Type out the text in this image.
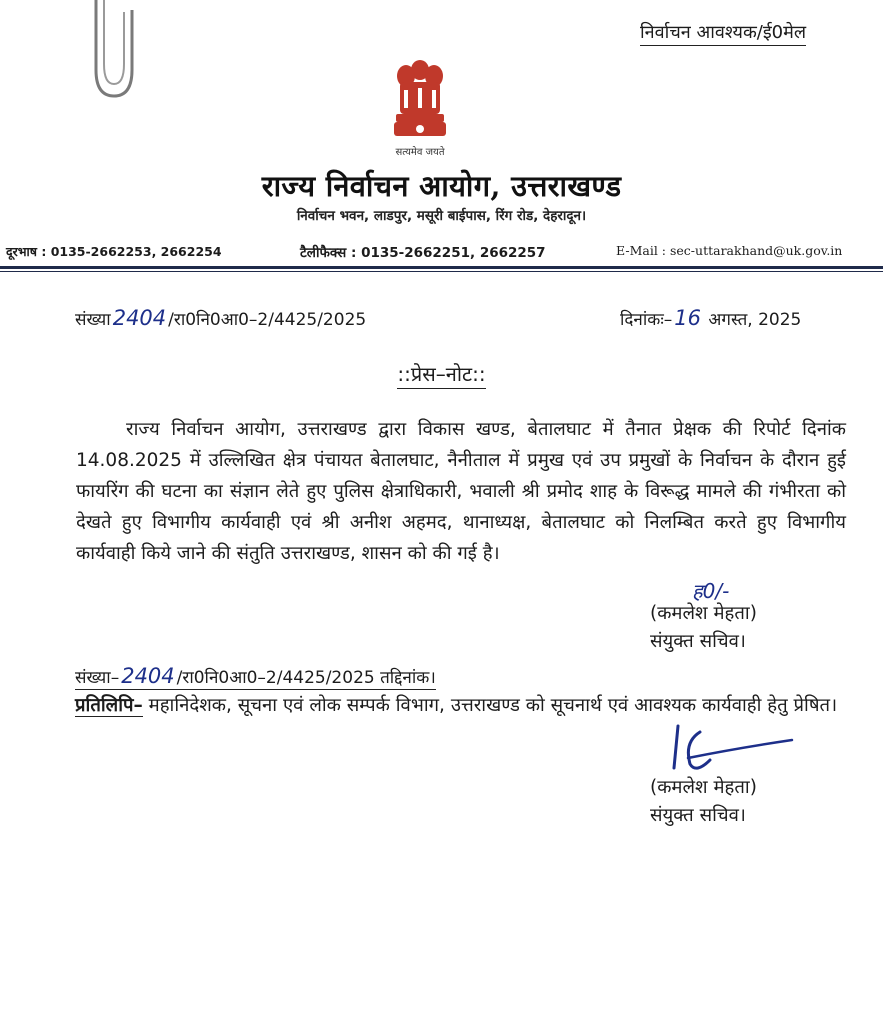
निर्वाचन आवश्यक/ई0मेल
सत्यमेव जयते
राज्य निर्वाचन आयोग, उत्तराखण्ड
निर्वाचन भवन, लाडपुर, मसूरी बाईपास, रिंग रोड, देहरादून।
दूरभाष : 0135-2662253, 2662254	टैलीफैक्स : 0135-2662251, 2662257	E-Mail : sec-uttarakhand@uk.gov.in
संख्या2404 /रा0नि0आ0–2/4425/2025	दिनांकः–16 अगस्त, 2025
::प्रेस–नोट::
राज्य निर्वाचन आयोग, उत्तराखण्ड द्वारा विकास खण्ड, बेतालघाट में तैनात प्रेक्षक की रिपोर्ट दिनांक 14.08.2025 में उल्लिखित क्षेत्र पंचायत बेतालघाट, नैनीताल में प्रमुख एवं उप प्रमुखों के निर्वाचन के दौरान हुई फायरिंग की घटना का संज्ञान लेते हुए पुलिस क्षेत्राधिकारी, भवाली श्री प्रमोद शाह के विरूद्ध मामले की गंभीरता को देखते हुए विभागीय कार्यवाही एवं श्री अनीश अहमद, थानाध्यक्ष, बेतालघाट को निलम्बित करते हुए विभागीय कार्यवाही किये जाने की संतुति उत्तराखण्ड, शासन को की गई है।
ह0/-
(कमलेश मेहता)
संयुक्त सचिव।
संख्या–2404 /रा0नि0आ0–2/4425/2025 तद्दिनांक।
प्रतिलिपि– महानिदेशक, सूचना एवं लोक सम्पर्क विभाग, उत्तराखण्ड को सूचनार्थ एवं आवश्यक कार्यवाही हेतु प्रेषित।
(कमलेश मेहता)
संयुक्त सचिव।
